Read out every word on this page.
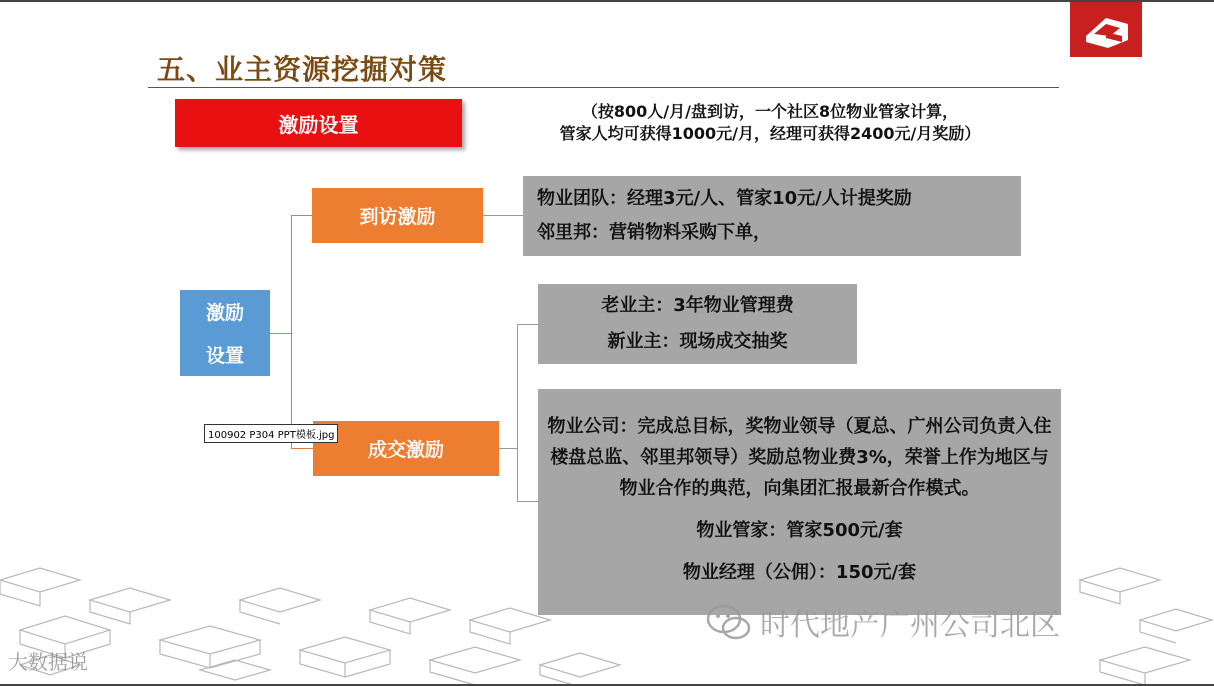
五、业主资源挖掘对策
激励设置
（按800人/月/盘到访，一个社区8位物业管家计算，
管家人均可获得1000元/月，经理可获得2400元/月奖励）
激励
设置
到访激励
成交激励
物业团队：经理3元/人、管家10元/人计提奖励
邻里邦：营销物料采购下单，
老业主：3年物业管理费
新业主：现场成交抽奖
物业公司：完成总目标，奖物业领导（夏总、广州公司负责入住楼盘总监、邻里邦领导）奖励总物业费3%，荣誉上作为地区与物业合作的典范，向集团汇报最新合作模式。
物业管家：管家500元/套
物业经理（公佣）：150元/套
100902 P304 PPT模板.jpg
时代地产广州公司北区
大数据说
